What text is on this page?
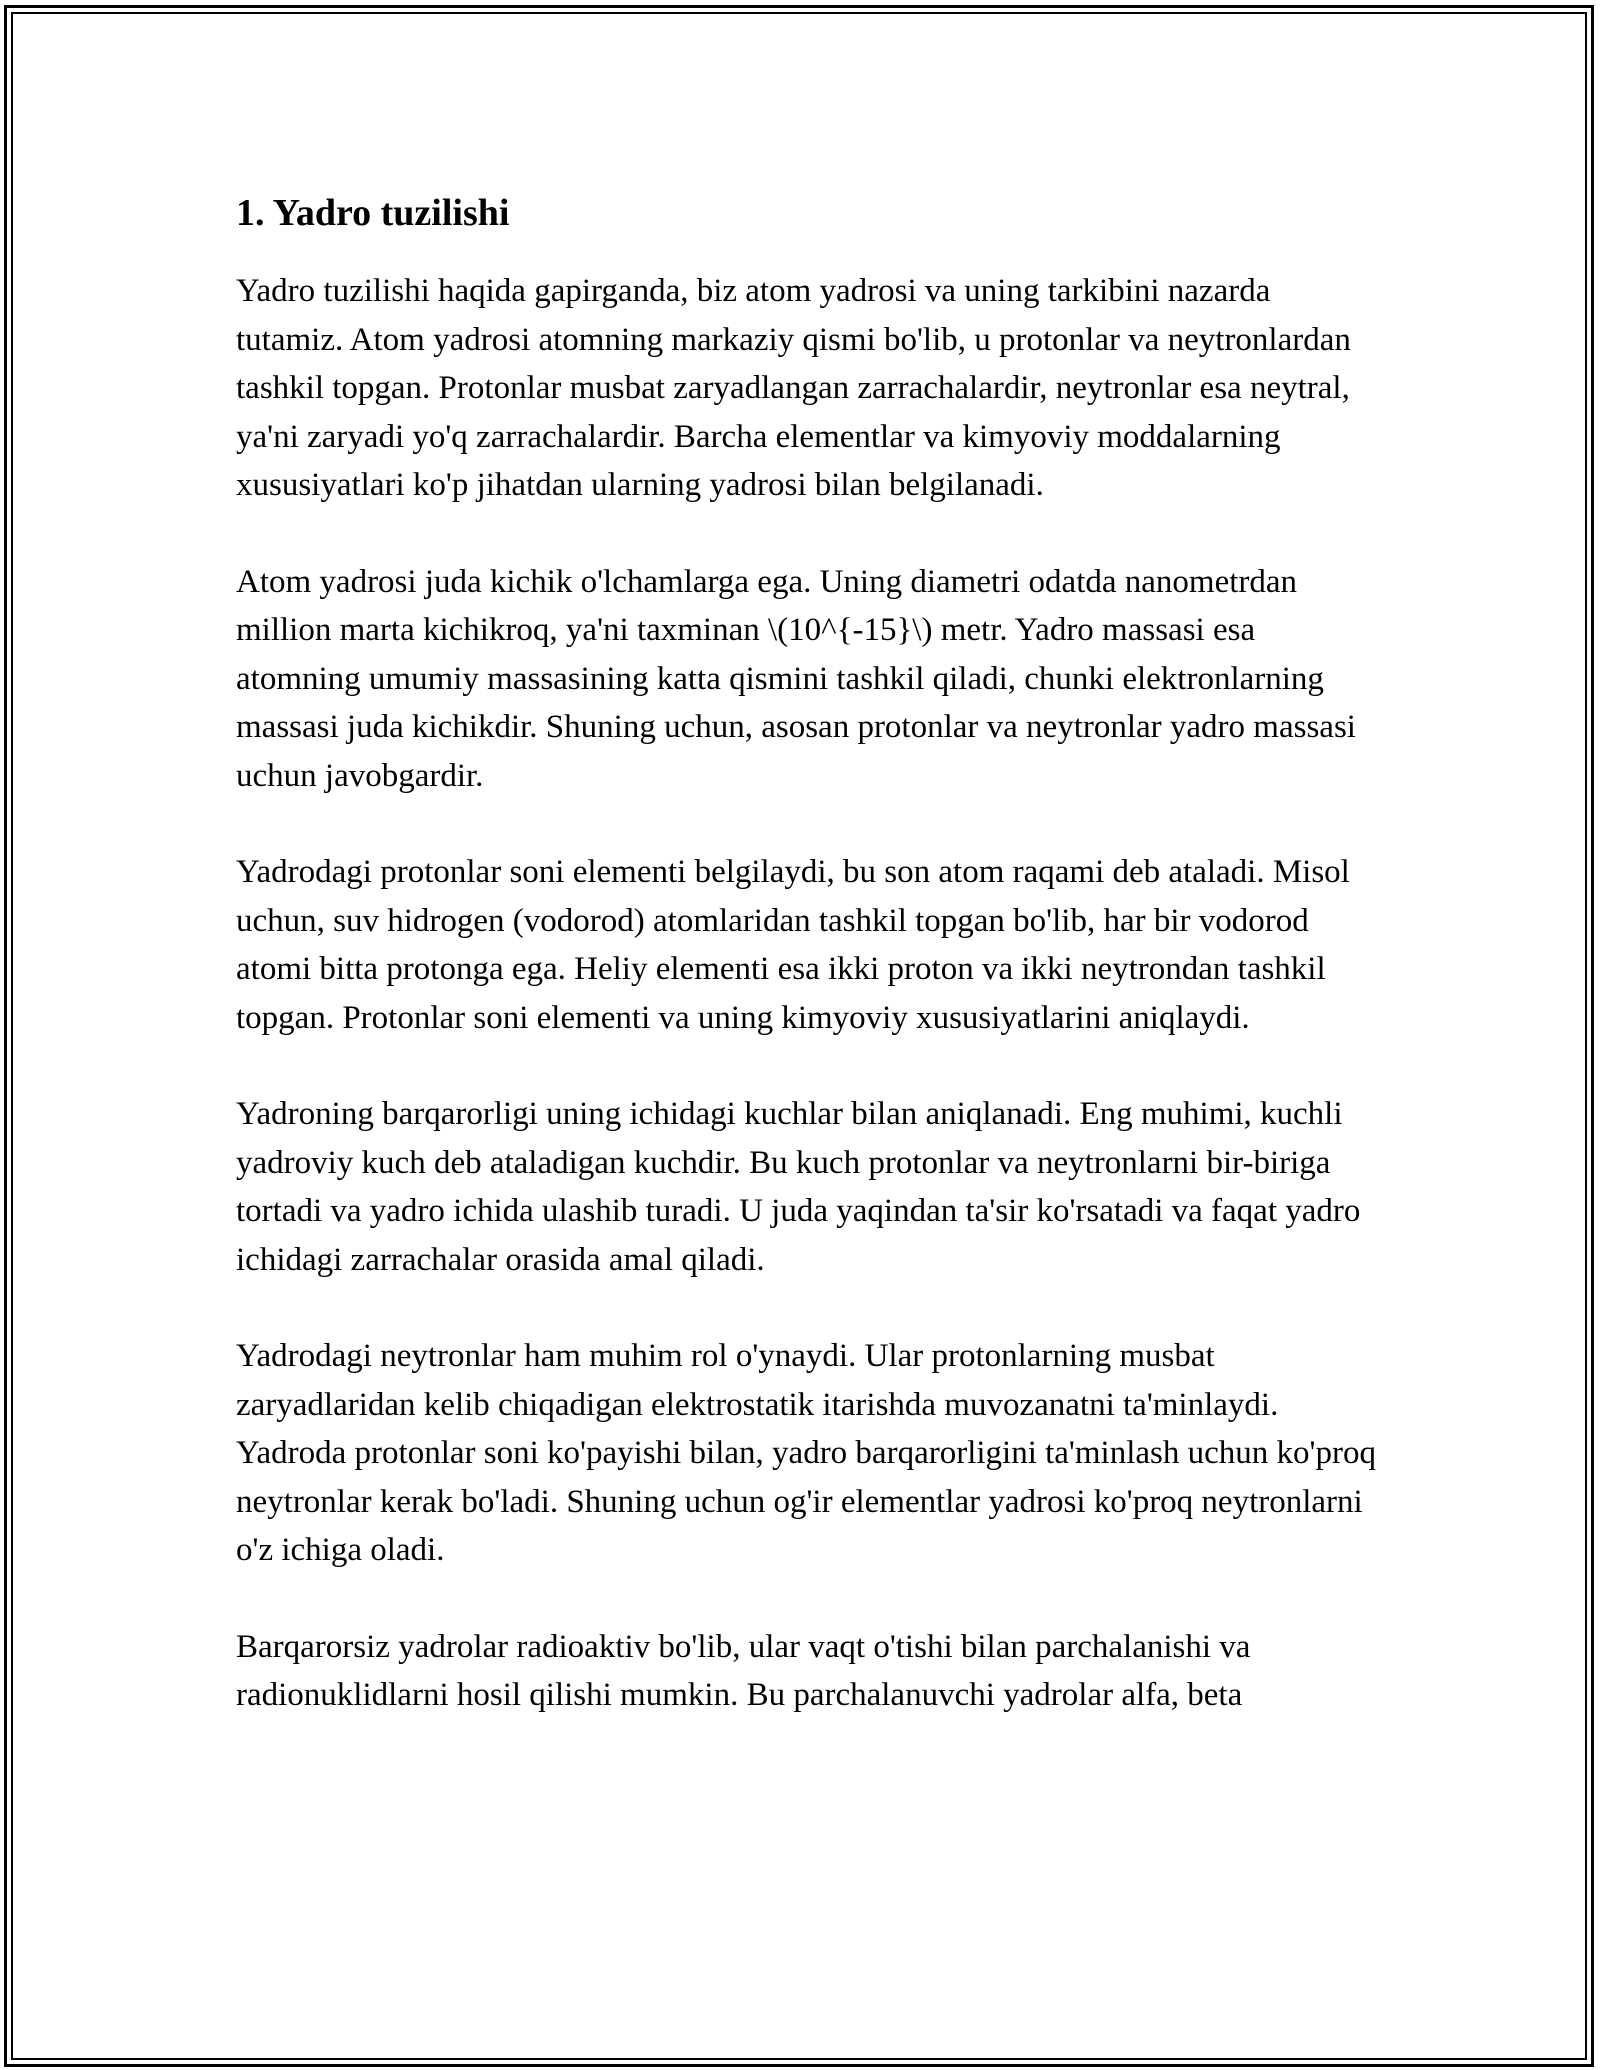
1. Yadro tuzilishi

Yadro tuzilishi haqida gapirganda, biz atom yadrosi va uning tarkibini nazarda tutamiz. Atom yadrosi atomning markaziy qismi bo'lib, u protonlar va neytronlardan tashkil topgan. Protonlar musbat zaryadlangan zarrachalardir, neytronlar esa neytral, ya'ni zaryadi yo'q zarrachalardir. Barcha elementlar va kimyoviy moddalarning xususiyatlari ko'p jihatdan ularning yadrosi bilan belgilanadi.

Atom yadrosi juda kichik o'lchamlarga ega. Uning diametri odatda nanometrdan million marta kichikroq, ya'ni taxminan \(10^{-15}\) metr. Yadro massasi esa atomning umumiy massasining katta qismini tashkil qiladi, chunki elektronlarning massasi juda kichikdir. Shuning uchun, asosan protonlar va neytronlar yadro massasi uchun javobgardir.

Yadrodagi protonlar soni elementi belgilaydi, bu son atom raqami deb ataladi. Misol uchun, suv hidrogen (vodorod) atomlaridan tashkil topgan bo'lib, har bir vodorod atomi bitta protonga ega. Heliy elementi esa ikki proton va ikki neytrondan tashkil topgan. Protonlar soni elementi va uning kimyoviy xususiyatlarini aniqlaydi.

Yadroning barqarorligi uning ichidagi kuchlar bilan aniqlanadi. Eng muhimi, kuchli yadroviy kuch deb ataladigan kuchdir. Bu kuch protonlar va neytronlarni bir-biriga tortadi va yadro ichida ulashib turadi. U juda yaqindan ta'sir ko'rsatadi va faqat yadro ichidagi zarrachalar orasida amal qiladi.

Yadrodagi neytronlar ham muhim rol o'ynaydi. Ular protonlarning musbat zaryadlaridan kelib chiqadigan elektrostatik itarishda muvozanatni ta'minlaydi. Yadroda protonlar soni ko'payishi bilan, yadro barqarorligini ta'minlash uchun ko'proq neytronlar kerak bo'ladi. Shuning uchun og'ir elementlar yadrosi ko'proq neytronlarni o'z ichiga oladi.

Barqarorsiz yadrolar radioaktiv bo'lib, ular vaqt o'tishi bilan parchalanishi va radionuklidlarni hosil qilishi mumkin. Bu parchalanuvchi yadrolar alfa, beta
